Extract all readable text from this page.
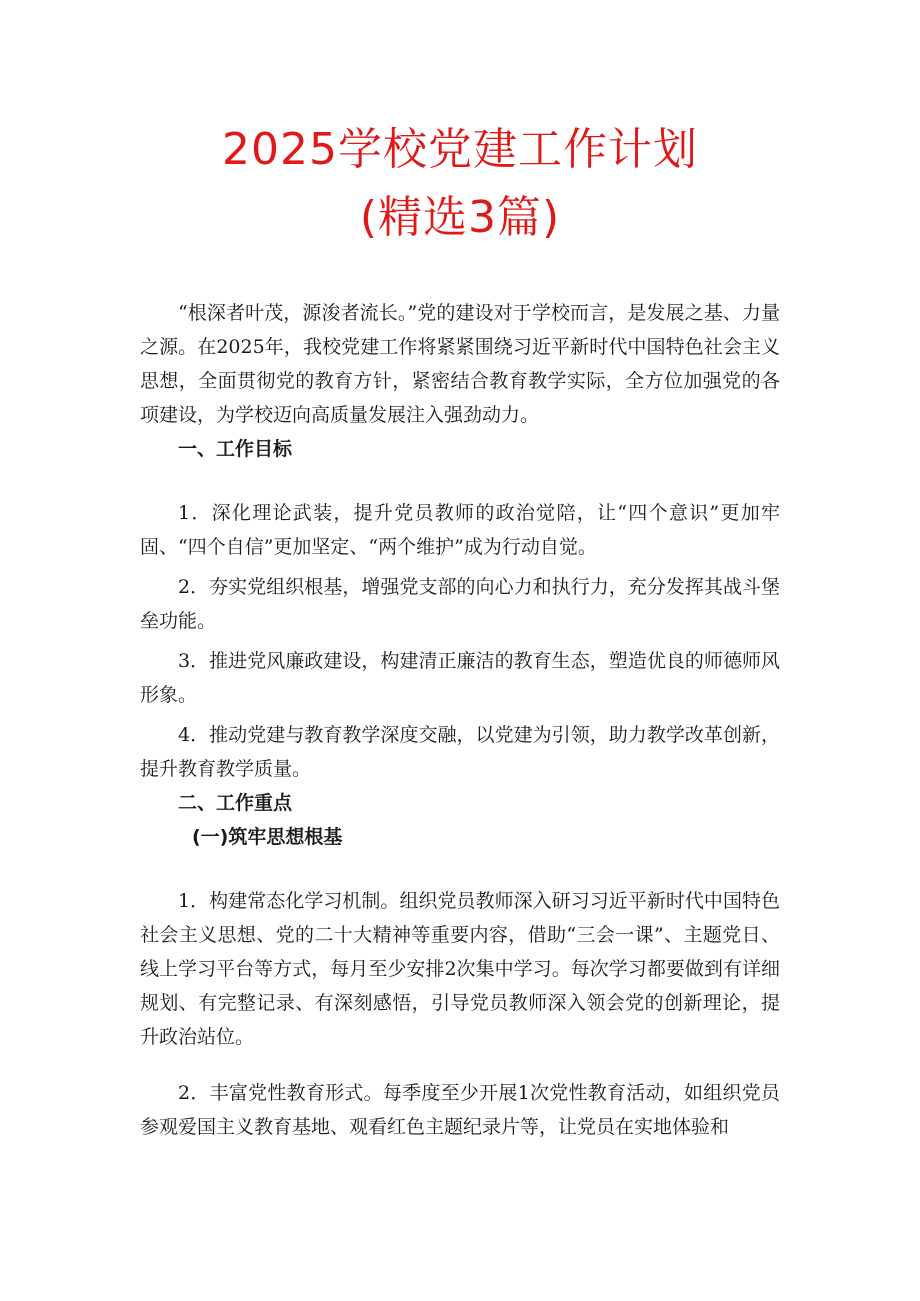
2025学校党建工作计划
(精选3篇)

“根深者叶茂，源浚者流长。”党的建设对于学校而言，是发展之基、力量之源。在2025年，我校党建工作将紧紧围绕习近平新时代中国特色社会主义思想，全面贯彻党的教育方针，紧密结合教育教学实际，全方位加强党的各项建设，为学校迈向高质量发展注入强劲动力。

一、工作目标

1．深化理论武装，提升党员教师的政治觉陪，让“四个意识”更加牢固、“四个自信”更加坚定、“两个维护”成为行动自觉。

2．夯实党组织根基，增强党支部的向心力和执行力，充分发挥其战斗堡垒功能。

3．推进党风廉政建设，构建清正廉洁的教育生态，塑造优良的师德师风形象。

4．推动党建与教育教学深度交融，以党建为引领，助力教学改革创新，提升教育教学质量。

二、工作重点

(一)筑牢思想根基

1．构建常态化学习机制。组织党员教师深入研习习近平新时代中国特色社会主义思想、党的二十大精神等重要内容，借助“三会一课”、主题党日、线上学习平台等方式，每月至少安排2次集中学习。每次学习都要做到有详细规划、有完整记录、有深刻感悟，引导党员教师深入领会党的创新理论，提升政治站位。

2．丰富党性教育形式。每季度至少开展1次党性教育活动，如组织党员参观爱国主义教育基地、观看红色主题纪录片等，让党员在实地体验和
